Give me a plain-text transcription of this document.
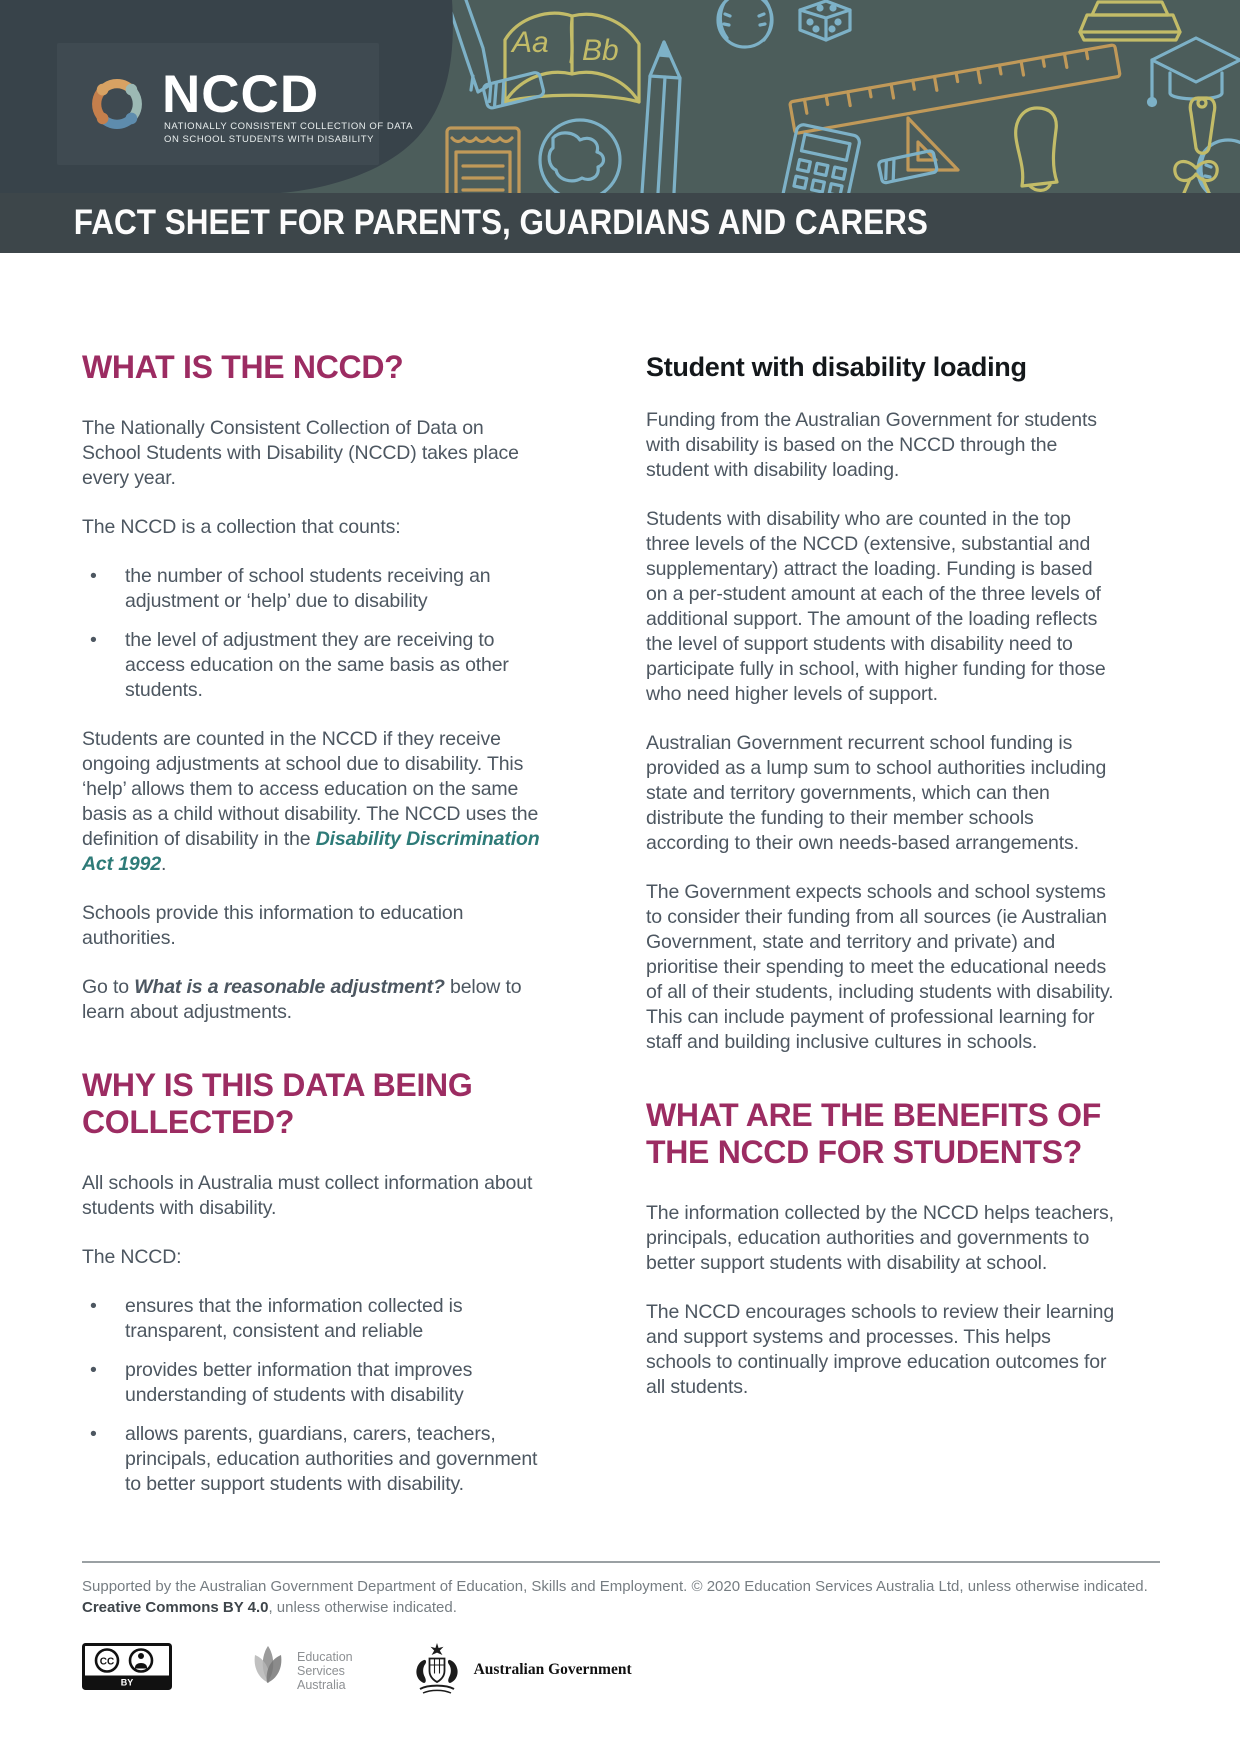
Aa Bb
NCCD
NATIONALLY CONSISTENT COLLECTION OF DATA
ON SCHOOL STUDENTS WITH DISABILITY
FACT SHEET FOR PARENTS, GUARDIANS AND CARERS
WHAT IS THE NCCD?

The Nationally Consistent Collection of Data on School Students with Disability (NCCD) takes place every year.

The NCCD is a collection that counts:

• the number of school students receiving an adjustment or ‘help’ due to disability
• the level of adjustment they are receiving to access education on the same basis as other students.

Students are counted in the NCCD if they receive ongoing adjustments at school due to disability. This ‘help’ allows them to access education on the same basis as a child without disability. The NCCD uses the definition of disability in the Disability Discrimination Act 1992.

Schools provide this information to education authorities.

Go to What is a reasonable adjustment? below to learn about adjustments.

WHY IS THIS DATA BEING COLLECTED?

All schools in Australia must collect information about students with disability.

The NCCD:

• ensures that the information collected is transparent, consistent and reliable
• provides better information that improves understanding of students with disability
• allows parents, guardians, carers, teachers, principals, education authorities and government to better support students with disability.
Student with disability loading

Funding from the Australian Government for students with disability is based on the NCCD through the student with disability loading.

Students with disability who are counted in the top three levels of the NCCD (extensive, substantial and supplementary) attract the loading. Funding is based on a per-student amount at each of the three levels of additional support. The amount of the loading reflects the level of support students with disability need to participate fully in school, with higher funding for those who need higher levels of support.

Australian Government recurrent school funding is provided as a lump sum to school authorities including state and territory governments, which can then distribute the funding to their member schools according to their own needs-based arrangements.

The Government expects schools and school systems to consider their funding from all sources (ie Australian Government, state and territory and private) and prioritise their spending to meet the educational needs of all of their students, including students with disability. This can include payment of professional learning for staff and building inclusive cultures in schools.

WHAT ARE THE BENEFITS OF THE NCCD FOR STUDENTS?

The information collected by the NCCD helps teachers, principals, education authorities and governments to better support students with disability at school.

The NCCD encourages schools to review their learning and support systems and processes. This helps schools to continually improve education outcomes for all students.

Supported by the Australian Government Department of Education, Skills and Employment. © 2020 Education Services Australia Ltd, unless otherwise indicated.

Creative Commons BY 4.0, unless otherwise indicated.

CC
BY
Education
Services
Australia
Australian Government
